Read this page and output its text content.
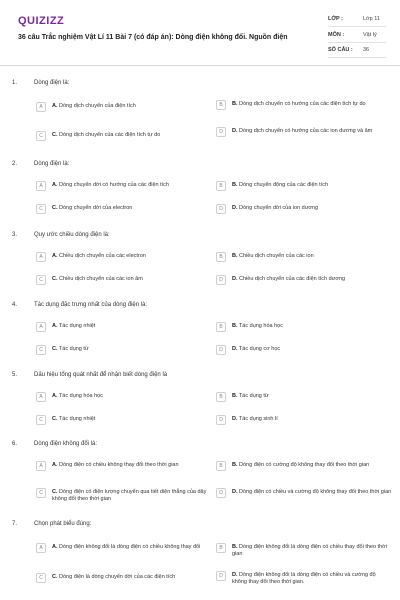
QUIZIZZ
36 câu Trắc nghiệm Vật Lí 11 Bài 7 (có đáp án): Dòng điện không đổi. Nguồn điện
LỚP :	Lớp 11
MÔN :	Vật lý
SỐ CÂU :	36
1.	Dòng điện là:
A	A. Dòng dịch chuyển của điện tích	B	B. Dòng dịch chuyển có hướng của các điện tích tự do
C	C. Dòng dịch chuyển của các điện tích tự do	D	D. Dòng dịch chuyển có hướng của các ion dương và âm
2.	Dòng điện là:
A	A. Dòng chuyển dời có hướng của các điện tích	B	B. Dòng chuyển động của các điện tích
C	C. Dòng chuyển dời của electron	D	D. Dòng chuyển dời của ion dương
3.	Quy ước chiều dòng điện là:
A	A. Chiều dịch chuyển của các electron	B	B. Chiều dịch chuyển của các ion
C	C. Chiều dịch chuyển của các ion âm	D	D. Chiều dịch chuyển của các điện tích dương
4.	Tác dụng đặc trưng nhất của dòng điện là:
A	A. Tác dụng nhiệt	B	B. Tác dụng hóa học
C	C. Tác dụng từ	D	D. Tác dụng cơ học
5.	Dấu hiệu tổng quát nhất để nhận biết dòng điện là
A	A. Tác dụng hóa học	B	B. Tác dụng từ
C	C. Tác dụng nhiệt	D	D. Tác dụng sinh lí
6.	Dòng điện không đổi là:
A	A. Dòng điện có chiều không thay đổi theo thời gian	B	B. Dòng điện có cường độ không thay đổi theo thời gian
C	C. Dòng điện có điện lượng chuyển qua tiết diện thẳng của dây không đổi theo thời gian
D	D. Dòng điện có chiều và cường độ không thay đổi theo thời gian
7.	Chọn phát biểu đúng:
A	A. Dòng điện không đổi là dòng điện có chiều không thay đổi	B	B. Dòng điện không đổi là dòng điện có chiều thay đổi theo thời gian
C	C. Dòng điện là dòng chuyển dời của các điện tích	D	D. Dòng điện không đổi là dòng điện có chiều và cường độ không thay đổi theo thời gian.
